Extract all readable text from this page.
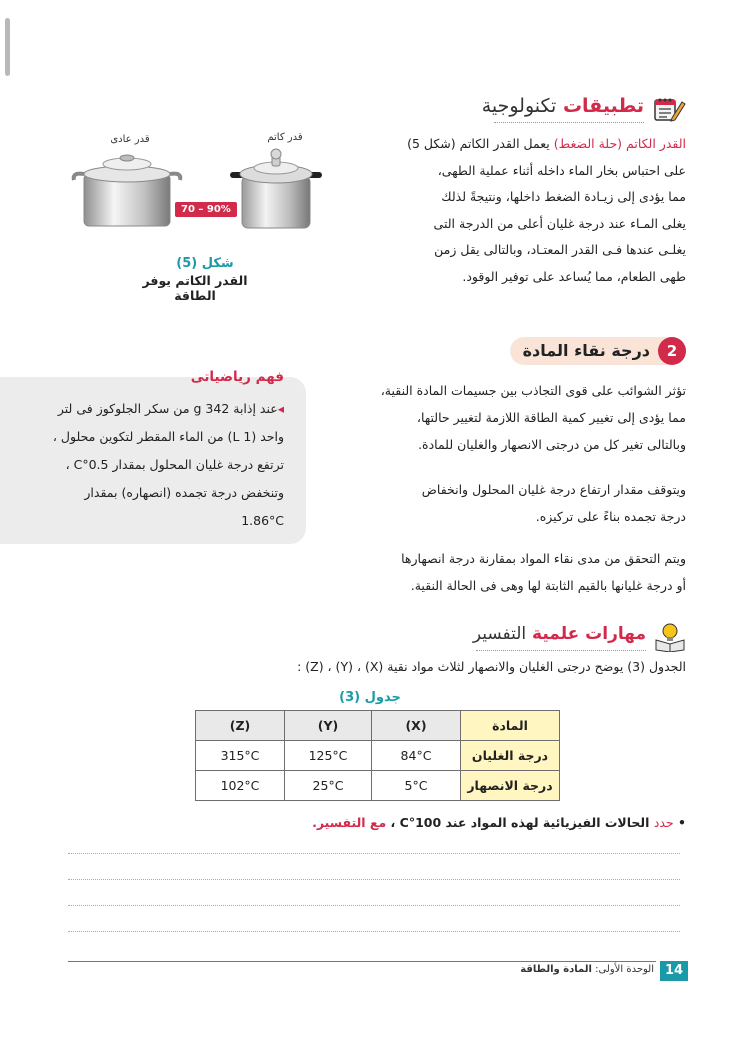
تطبيقات تكنولوجية
القدر الكاتم (حلة الضغط) يعمل القدر الكاتم (شكل 5)
على احتباس بخار الماء داخله أثناء عملية الطهى،
مما يؤدى إلى زيـادة الضغط داخلها، ونتيجةً لذلك
يغلى المـاء عند درجة غليان أعلى من الدرجة التى
يغلـى عندها فـى القدر المعتـاد، وبالتالى يقل زمن
طهى الطعام، مما يُساعد على توفير الوقود.
قدر كاتم
قدر عادى
70 – 90%
شكل (5)
القدر الكاتم يوفر الطاقة
2
درجة نقاء المادة
تؤثر الشوائب على قوى التجاذب بين جسيمات المادة النقية،
مما يؤدى إلى تغيير كمية الطاقة اللازمة لتغيير حالتها،
وبالتالى تغير كل من درجتى الانصهار والغليان للمادة.
ويتوقف مقدار ارتفاع درجة غليان المحلول وانخفاض
درجة تجمده بناءً على تركيزه.
ويتم التحقق من مدى نقاء المواد بمقارنة درجة انصهارها
أو درجة غليانها بالقيم الثابتة لها وهى فى الحالة النقية.
فهم رياضياتى
◂عند إذابة 342 g من سكر الجلوكوز فى لتر
واحد (1 L) من الماء المقطر لتكوين محلول ،
ترتفع درجة غليان المحلول بمقدار 0.5°C ،
وتنخفض درجة تجمده (انصهاره) بمقدار
1.86°C
مهارات علمية التفسير
الجدول (3) يوضح درجتى الغليان والانصهار لثلاث مواد نقية (X) ، (Y) ، (Z) :
جدول (3)
المادة	(X)	(Y)	(Z)
درجة الغليان	84°C	125°C	315°C
درجة الانصهار	5°C	25°C	102°C
• حدد الحالات الفيزيائية لهذه المواد عند 100°C ، مع التفسير.
14
الوحدة الأولى: المادة والطاقة
